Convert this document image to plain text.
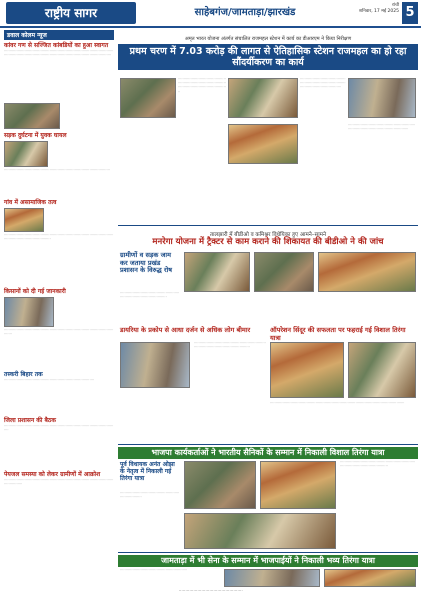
राष्ट्रीय सागर	साहेबगंज/जामताड़ा/झारखंड
रांची
शनिवार, 17 मई 2025 5
डवाल कोलम न्यूज
कांवर गण से सज्जित कांबडियों का हुआ स्वागत
ॱॱॱॱॱॱॱॱॱॱॱॱॱॱॱॱॱॱॱॱॱॱॱॱॱॱॱॱॱॱॱॱॱॱॱॱॱॱॱॱॱॱॱॱॱॱॱॱॱॱॱॱॱॱॱॱॱॱॱॱॱॱॱॱॱॱॱॱॱॱॱॱॱॱॱॱॱॱॱॱॱॱॱॱॱॱॱॱॱॱॱॱॱॱॱॱॱॱॱॱॱॱॱॱॱॱॱॱॱॱॱॱॱॱॱॱॱॱॱॱॱॱॱॱॱॱॱॱॱॱॱॱॱॱॱॱॱॱॱॱॱॱॱॱॱॱॱॱॱॱॱॱॱॱॱॱॱॱॱॱॱॱॱॱॱॱॱॱॱॱॱॱॱॱॱॱॱॱॱॱॱॱॱॱॱॱॱॱॱॱ
सड़क दुर्घटना में युवक घायल
ॱॱॱॱॱॱॱॱॱॱॱॱॱॱॱॱॱॱॱॱॱॱॱॱॱॱॱॱॱॱॱॱॱॱॱॱॱॱॱॱॱॱॱॱॱॱॱॱॱॱॱॱॱॱॱॱॱॱॱॱॱॱॱॱॱॱॱॱॱॱॱॱॱॱॱॱॱॱॱॱॱॱॱॱॱॱॱॱॱॱॱॱॱ
गांव में असामाजिक तत्व
ॱॱॱॱॱॱॱॱॱॱॱॱॱॱॱॱॱॱॱॱॱॱॱॱॱॱॱॱॱॱॱॱॱॱॱॱॱॱॱॱॱॱॱॱॱॱॱॱॱॱॱॱॱॱॱॱॱॱॱॱॱॱॱॱॱॱॱॱॱॱॱॱॱॱॱॱॱॱॱॱॱॱॱॱॱॱॱॱॱॱॱॱॱॱॱॱॱॱॱॱॱॱॱॱॱॱॱॱॱॱॱॱॱॱॱॱॱॱॱॱॱॱॱॱॱॱॱॱॱॱॱॱॱॱॱॱॱ
किसानों को दी गई जानकारी
ॱॱॱॱॱॱॱॱॱॱॱॱॱॱॱॱॱॱॱॱॱॱॱॱॱॱॱॱॱॱॱॱॱॱॱॱॱॱॱॱॱॱॱॱॱॱॱॱॱॱॱॱॱॱॱॱॱॱॱॱॱॱॱॱॱॱॱॱॱॱॱॱॱॱॱॱॱॱॱॱॱॱॱॱॱॱॱॱॱॱॱॱॱॱॱॱॱॱॱॱॱॱॱ
तस्करी बिहार तक
ॱॱॱॱॱॱॱॱॱॱॱॱॱॱॱॱॱॱॱॱॱॱॱॱॱॱॱॱॱॱॱॱॱॱॱॱॱॱॱॱॱॱॱॱॱॱॱॱॱॱॱॱॱॱॱॱॱॱॱॱॱॱॱॱॱॱॱॱॱॱॱॱॱॱॱॱॱॱॱ
जिला प्रशासन की बैठक
ॱॱॱॱॱॱॱॱॱॱॱॱॱॱॱॱॱॱॱॱॱॱॱॱॱॱॱॱॱॱॱॱॱॱॱॱॱॱॱॱॱॱॱॱॱॱॱॱॱॱॱॱॱॱॱॱॱॱॱॱॱॱॱॱॱॱॱॱॱॱॱॱॱॱॱॱॱॱॱॱॱॱॱॱॱॱॱॱॱॱॱॱॱॱॱॱॱॱॱॱ
पेयजल समस्या को लेकर ग्रामीणों में आक्रोश
ॱॱॱॱॱॱॱॱॱॱॱॱॱॱॱॱॱॱॱॱॱॱॱॱॱॱॱॱॱॱॱॱॱॱॱॱॱॱॱॱॱॱॱॱॱॱॱॱॱॱॱॱॱॱॱॱॱॱॱॱॱॱॱॱॱॱॱॱॱॱॱॱॱॱॱॱॱॱॱॱॱॱॱॱॱॱॱॱॱॱॱॱॱॱॱॱॱॱॱॱॱॱॱॱॱॱॱॱॱॱॱॱ
अमृत भारत योजना अंतर्गत संचालित राजमहल स्टेशन में कार्य का डीआरएम ने किया निरीक्षण
प्रथम चरण में 7.03 करोड़ की लागत से ऐतिहासिक स्टेशन राजमहल का हो रहा सौंदर्यीकरण का कार्य
ॱॱॱॱॱॱॱॱॱॱॱॱॱॱॱॱॱॱॱॱॱॱॱॱॱॱॱॱॱॱॱॱॱॱॱॱॱॱॱॱॱॱॱॱॱॱॱॱॱॱॱॱॱॱॱॱॱॱॱॱॱॱॱॱॱॱॱॱॱॱॱॱॱॱॱॱॱॱॱॱॱॱॱॱॱॱॱॱॱॱॱॱॱॱॱॱॱॱॱॱॱॱॱॱॱॱॱॱॱॱॱॱॱॱॱॱॱॱॱॱॱॱॱॱॱॱॱॱ
ॱॱॱॱॱॱॱॱॱॱॱॱॱॱॱॱॱॱॱॱॱॱॱॱॱॱॱॱॱॱॱॱॱॱॱॱॱॱॱॱॱॱॱॱॱॱॱॱॱॱॱॱॱॱॱॱॱॱॱॱॱॱॱॱॱॱॱॱॱॱॱॱॱॱॱॱॱॱॱॱॱॱॱॱॱॱॱॱॱॱॱॱॱॱॱॱॱॱॱॱॱॱॱॱॱॱॱॱॱॱॱॱॱॱॱॱ
ॱॱॱॱॱॱॱॱॱॱॱॱॱॱॱॱॱॱॱॱॱॱॱॱॱॱॱॱॱॱॱॱॱॱॱॱॱॱॱॱॱॱॱॱॱॱॱॱॱॱॱॱॱॱॱॱॱॱॱॱॱॱॱॱॱॱॱॱॱॱॱॱॱॱॱॱॱॱॱॱॱॱॱॱॱॱॱॱॱॱॱॱॱॱॱॱॱॱॱॱॱॱॱॱॱॱॱॱॱॱॱॱ
तालझारी में बीडीओ व कमिश्नर विधेयिका हुए आमने–सामने
मनरेगा योजना में ट्रैक्टर से काम कराने की शिकायत की बीडीओ ने की जांच
ग्रामीणों व सड़क जाम कर जताया प्रखंड प्रशासन के विरुद्ध रोष
ॱॱॱॱॱॱॱॱॱॱॱॱॱॱॱॱॱॱॱॱॱॱॱॱॱॱॱॱॱॱॱॱॱॱॱॱॱॱॱॱॱॱॱॱॱॱॱॱॱॱॱॱॱॱॱॱॱॱॱॱॱॱॱॱॱॱॱॱॱॱॱॱॱॱॱॱॱॱॱॱॱॱॱॱॱॱॱॱॱॱॱॱॱ
डायरिया के प्रकोप से आधा दर्जन से अधिक लोग बीमार
ॱॱॱॱॱॱॱॱॱॱॱॱॱॱॱॱॱॱॱॱॱॱॱॱॱॱॱॱॱॱॱॱॱॱॱॱॱॱॱॱॱॱॱॱॱॱॱॱॱॱॱॱॱॱॱॱॱॱॱॱॱॱॱॱॱॱॱॱॱॱॱॱॱॱॱॱॱॱॱॱॱॱॱॱॱॱॱॱॱॱॱॱॱॱॱॱॱॱॱॱॱॱॱॱॱॱॱॱॱॱॱॱ
ऑपरेशन सिंदूर की सफलता पर फहराई गई विशाल तिरंगा यात्रा
ॱॱॱॱॱॱॱॱॱॱॱॱॱॱॱॱॱॱॱॱॱॱॱॱॱॱॱॱॱॱॱॱॱॱॱॱॱॱॱॱॱॱॱॱॱॱॱॱॱॱॱॱॱॱॱॱॱॱॱॱॱॱॱॱॱॱॱॱॱॱॱॱॱॱॱॱॱॱॱॱॱॱॱॱॱॱॱॱॱॱॱॱॱॱॱॱॱॱॱॱॱॱॱॱॱॱॱॱॱॱॱॱॱॱॱॱॱॱ
भाजपा कार्यकर्ताओं ने भारतीय सैनिकों के सम्मान में निकाली विशाल तिरंगा यात्रा
पूर्व विधायक अनंत ओझा के नेतृत्व में निकाली गई तिरंगा यात्रा
ॱॱॱॱॱॱॱॱॱॱॱॱॱॱॱॱॱॱॱॱॱॱॱॱॱॱॱॱॱॱॱॱॱॱॱॱॱॱॱॱॱॱॱॱॱॱॱॱॱॱॱॱॱॱॱॱॱॱॱॱॱॱॱॱॱॱॱॱॱॱॱॱॱॱॱॱॱॱॱॱॱॱॱॱॱॱॱॱॱॱॱॱॱॱॱॱॱॱॱॱॱॱॱॱॱॱॱॱ
ॱॱॱॱॱॱॱॱॱॱॱॱॱॱॱॱॱॱॱॱॱॱॱॱॱॱॱॱॱॱॱॱॱॱॱॱॱॱॱॱॱॱॱॱॱॱॱॱॱॱॱॱॱॱॱॱॱॱॱॱॱॱॱॱॱॱॱॱॱॱॱ
जामताड़ा में भी सेना के सम्मान में भाजपाईयों ने निकाली भव्य तिरंगा यात्रा
ॱॱॱॱॱॱॱॱॱॱॱॱॱॱॱॱॱॱॱॱॱॱॱॱॱॱॱॱॱॱॱॱॱॱॱॱॱॱॱॱॱॱॱॱॱॱॱॱॱॱॱॱॱॱॱॱॱॱॱ
⋯⋯⋯⋯⋯⋯⋯⋯⋯⋯⋯⋯⋯⋯⋯⋯
